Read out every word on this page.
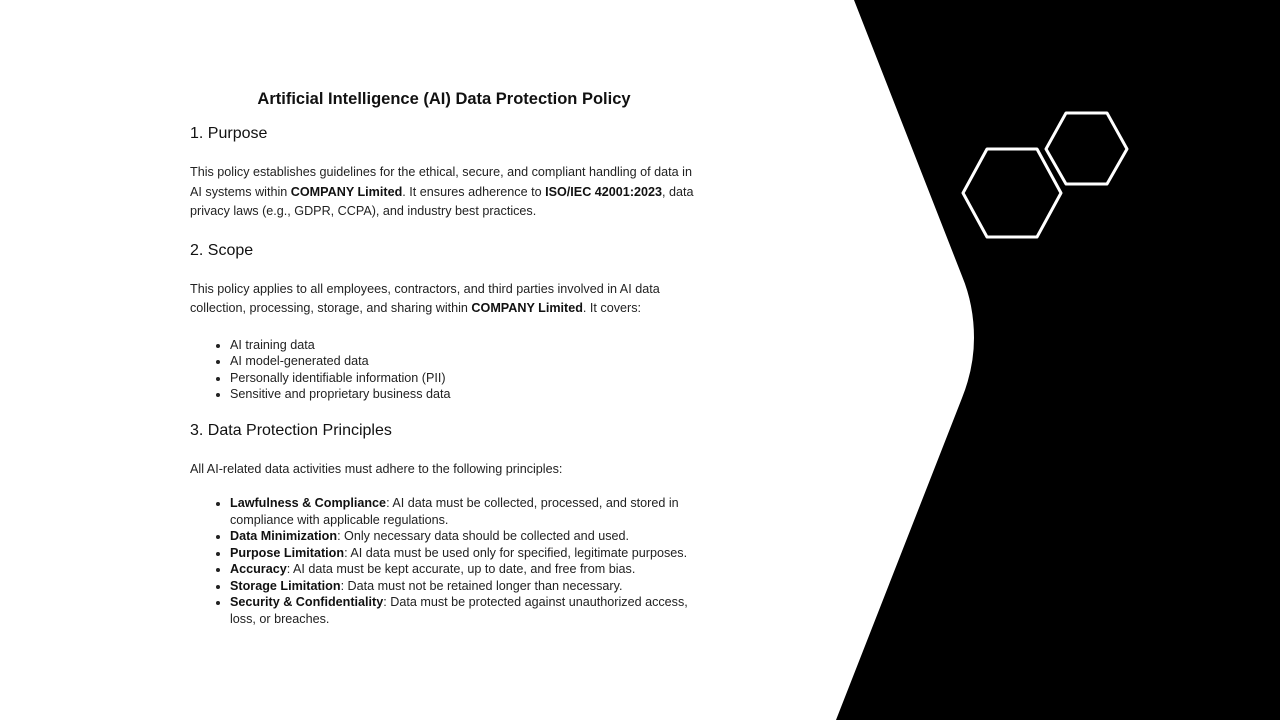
Artificial Intelligence (AI) Data Protection Policy
1. Purpose

This policy establishes guidelines for the ethical, secure, and compliant handling of data in AI systems within COMPANY Limited. It ensures adherence to ISO/IEC 42001:2023, data privacy laws (e.g., GDPR, CCPA), and industry best practices.

2. Scope

This policy applies to all employees, contractors, and third parties involved in AI data collection, processing, storage, and sharing within COMPANY Limited. It covers:

• AI training data
• AI model-generated data
• Personally identifiable information (PII)
• Sensitive and proprietary business data
3. Data Protection Principles

All AI-related data activities must adhere to the following principles:

• Lawfulness & Compliance: AI data must be collected, processed, and stored in compliance with applicable regulations.
• Data Minimization: Only necessary data should be collected and used.
• Purpose Limitation: AI data must be used only for specified, legitimate purposes.
• Accuracy: AI data must be kept accurate, up to date, and free from bias.
• Storage Limitation: Data must not be retained longer than necessary.
• Security & Confidentiality: Data must be protected against unauthorized access, loss, or breaches.
